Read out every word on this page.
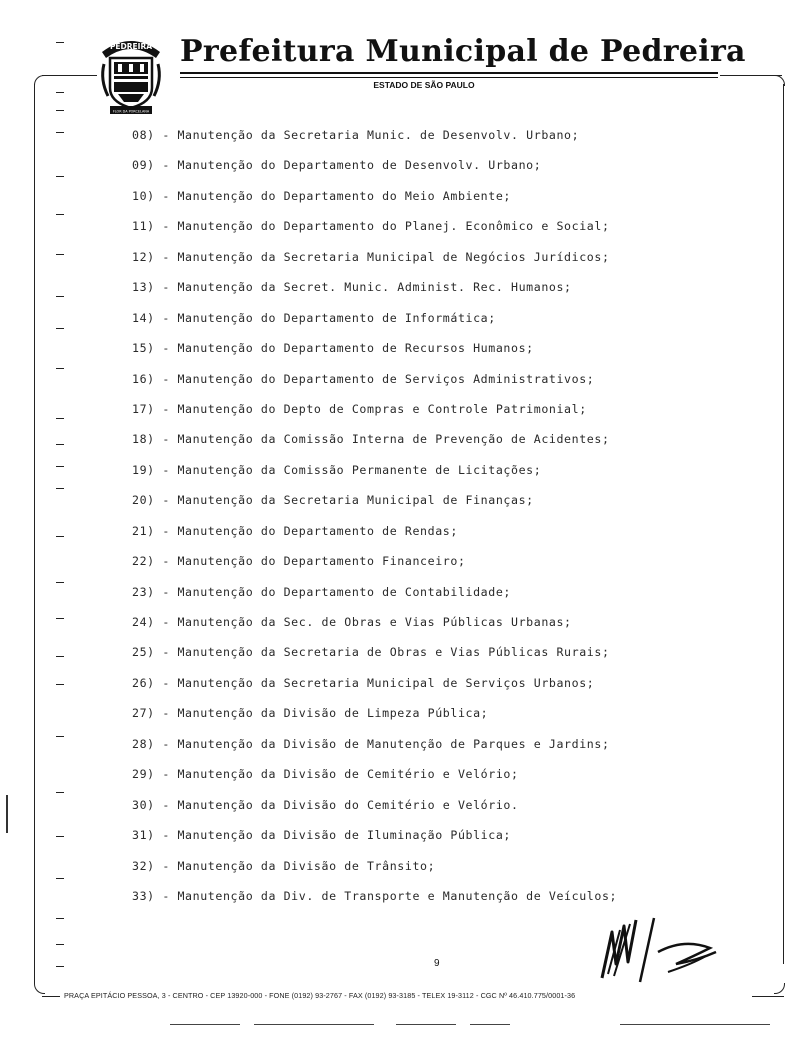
PEDREIRA
FLOR DA PORCELANA
Prefeitura Municipal de Pedreira
ESTADO DE SÃO PAULO
08) - Manutenção da Secretaria Munic. de Desenvolv. Urbano;
09) - Manutenção do Departamento de Desenvolv. Urbano;
10) - Manutenção do Departamento do Meio Ambiente;
11) - Manutenção do Departamento do Planej. Econômico e Social;
12) - Manutenção da Secretaria Municipal de Negócios Jurídicos;
13) - Manutenção da Secret. Munic. Administ. Rec. Humanos;
14) - Manutenção do Departamento de Informática;
15) - Manutenção do Departamento de Recursos Humanos;
16) - Manutenção do Departamento de Serviços Administrativos;
17) - Manutenção do Depto de Compras e Controle Patrimonial;
18) - Manutenção da Comissão Interna de Prevenção de Acidentes;
19) - Manutenção da Comissão Permanente de Licitações;
20) - Manutenção da Secretaria Municipal de Finanças;
21) - Manutenção do Departamento de Rendas;
22) - Manutenção do Departamento Financeiro;
23) - Manutenção do Departamento de Contabilidade;
24) - Manutenção da Sec. de Obras e Vias Públicas Urbanas;
25) - Manutenção da Secretaria de Obras e Vias Públicas Rurais;
26) - Manutenção da Secretaria Municipal de Serviços Urbanos;
27) - Manutenção da Divisão de Limpeza Pública;
28) - Manutenção da Divisão de Manutenção de Parques e Jardins;
29) - Manutenção da Divisão de Cemitério e Velório;
30) - Manutenção da Divisão do Cemitério e Velório.
31) - Manutenção da Divisão de Iluminação Pública;
32) - Manutenção da Divisão de Trânsito;
33) - Manutenção da Div. de Transporte e Manutenção de Veículos;
9
PRAÇA EPITÁCIO PESSOA, 3 - CENTRO - CEP 13920-000 - FONE (0192) 93-2767 - FAX (0192) 93-3185 - TELEX 19-3112 - CGC Nº 46.410.775/0001-36
